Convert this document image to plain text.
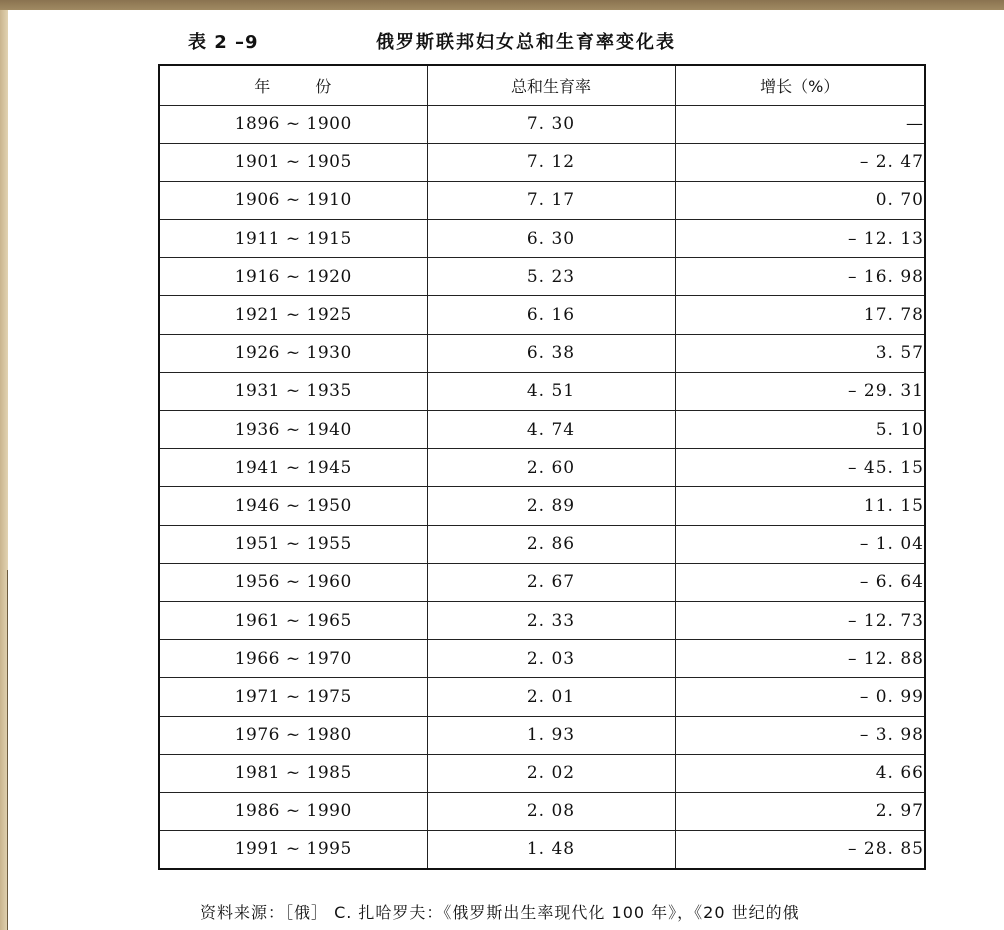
表 2 –9	俄罗斯联邦妇女总和生育率变化表
年 份	总和生育率	增长（%）
1896 ~ 1900	7. 30	—
1901 ~ 1905	7. 12	– 2. 47
1906 ~ 1910	7. 17	0. 70
1911 ~ 1915	6. 30	– 12. 13
1916 ~ 1920	5. 23	– 16. 98
1921 ~ 1925	6. 16	17. 78
1926 ~ 1930	6. 38	3. 57
1931 ~ 1935	4. 51	– 29. 31
1936 ~ 1940	4. 74	5. 10
1941 ~ 1945	2. 60	– 45. 15
1946 ~ 1950	2. 89	11. 15
1951 ~ 1955	2. 86	– 1. 04
1956 ~ 1960	2. 67	– 6. 64
1961 ~ 1965	2. 33	– 12. 73
1966 ~ 1970	2. 03	– 12. 88
1971 ~ 1975	2. 01	– 0. 99
1976 ~ 1980	1. 93	– 3. 98
1981 ~ 1985	2. 02	4. 66
1986 ~ 1990	2. 08	2. 97
1991 ~ 1995	1. 48	– 28. 85
资料来源：［俄］ C. 扎哈罗夫：《俄罗斯出生率现代化 100 年》，《20 世纪的俄
